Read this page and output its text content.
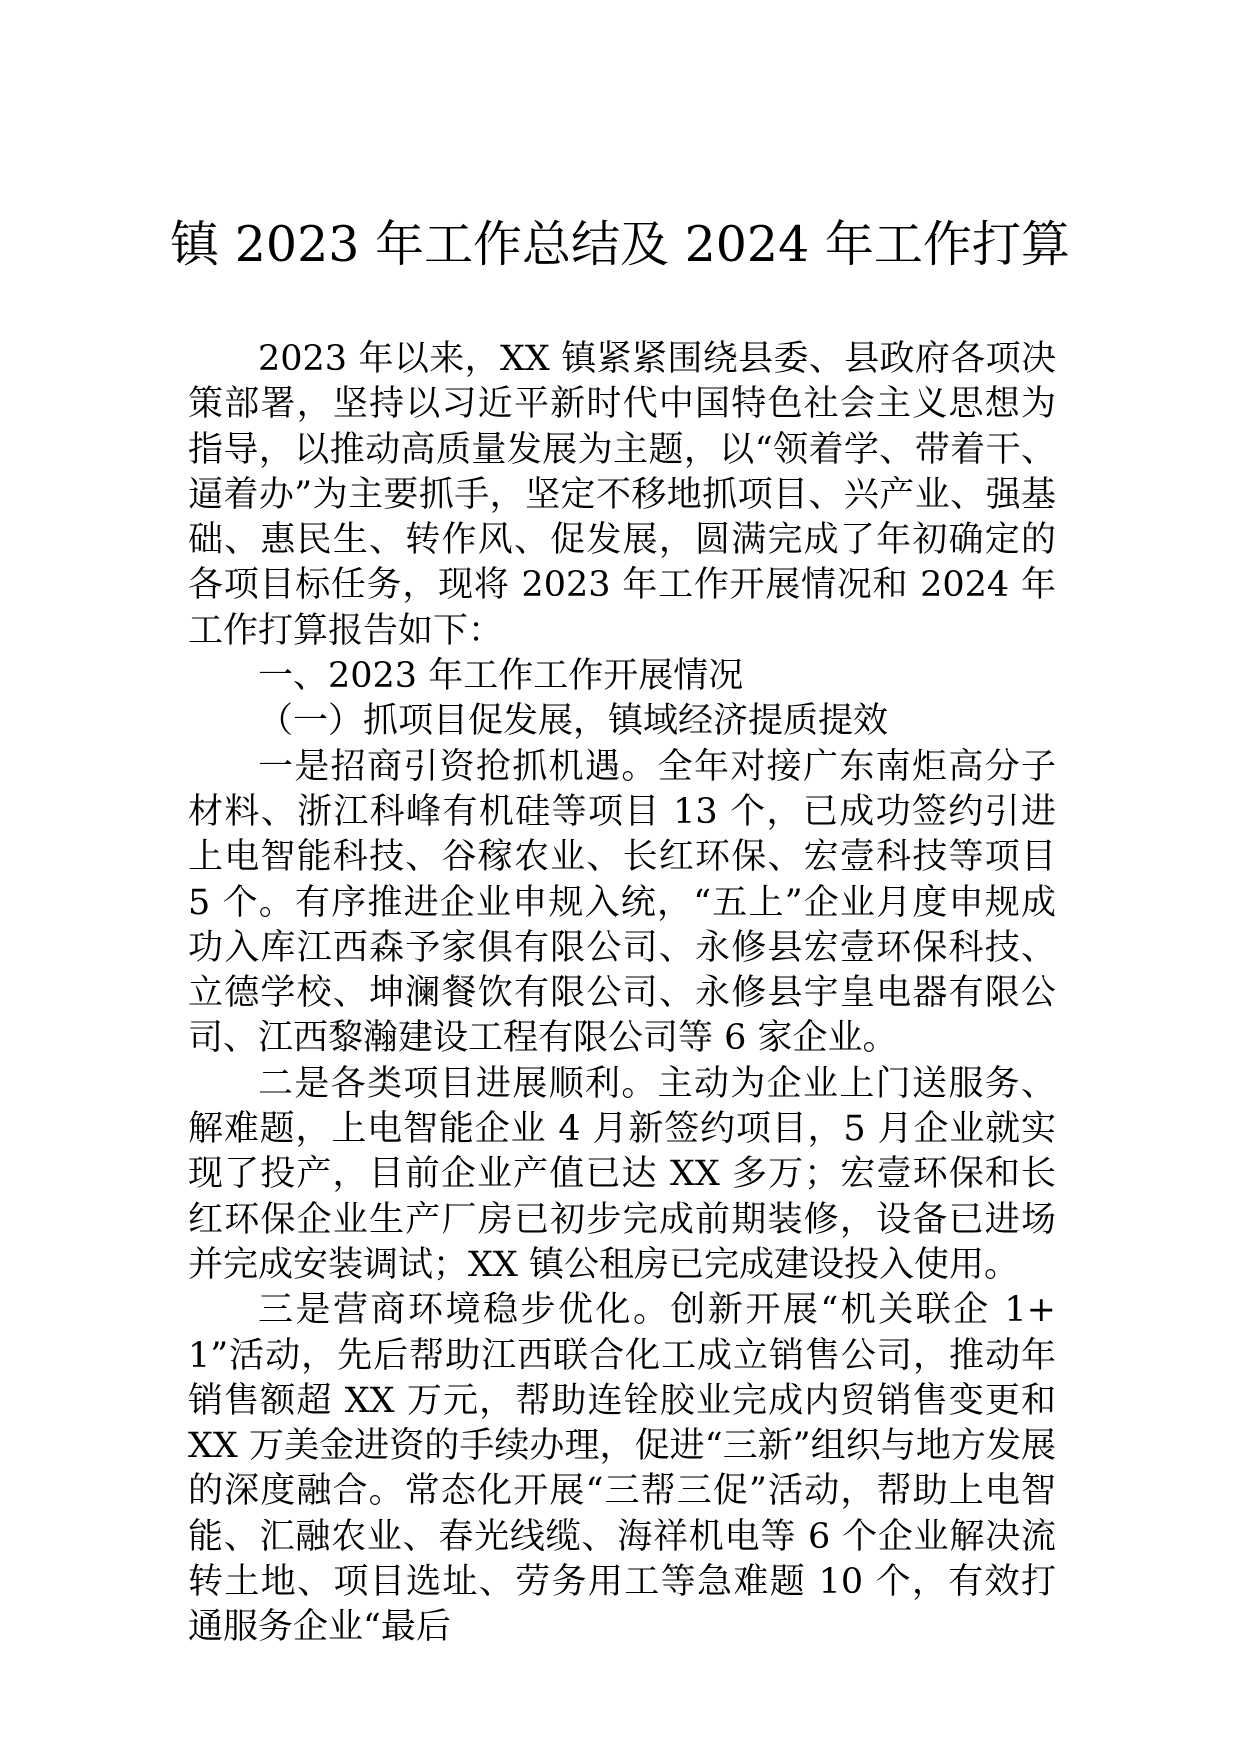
镇 2023 年工作总结及 2024 年工作打算

2023 年以来，XX 镇紧紧围绕县委、县政府各项决策部署，坚持以习近平新时代中国特色社会主义思想为指导，以推动高质量发展为主题，以“领着学、带着干、逼着办”为主要抓手，坚定不移地抓项目、兴产业、强基础、惠民生、转作风、促发展，圆满完成了年初确定的各项目标任务，现将 2023 年工作开展情况和 2024 年工作打算报告如下：

一、2023 年工作工作开展情况

（一）抓项目促发展，镇域经济提质提效

一是招商引资抢抓机遇。全年对接广东南炬高分子材料、浙江科峰有机硅等项目 13 个，已成功签约引进上电智能科技、谷稼农业、长红环保、宏壹科技等项目 5 个。有序推进企业申规入统，“五上”企业月度申规成功入库江西森予家俱有限公司、永修县宏壹环保科技、立德学校、坤澜餐饮有限公司、永修县宇皇电器有限公司、江西黎瀚建设工程有限公司等 6 家企业。

二是各类项目进展顺利。主动为企业上门送服务、解难题，上电智能企业 4 月新签约项目，5 月企业就实现了投产，目前企业产值已达 XX 多万；宏壹环保和长红环保企业生产厂房已初步完成前期装修，设备已进场并完成安装调试；XX 镇公租房已完成建设投入使用。

三是营商环境稳步优化。创新开展“机关联企 1+1”活动，先后帮助江西联合化工成立销售公司，推动年销售额超 XX 万元，帮助连铨胶业完成内贸销售变更和 XX 万美金进资的手续办理，促进“三新”组织与地方发展的深度融合。常态化开展“三帮三促”活动，帮助上电智能、汇融农业、春光线缆、海祥机电等 6 个企业解决流转土地、项目选址、劳务用工等急难题 10 个，有效打通服务企业“最后
